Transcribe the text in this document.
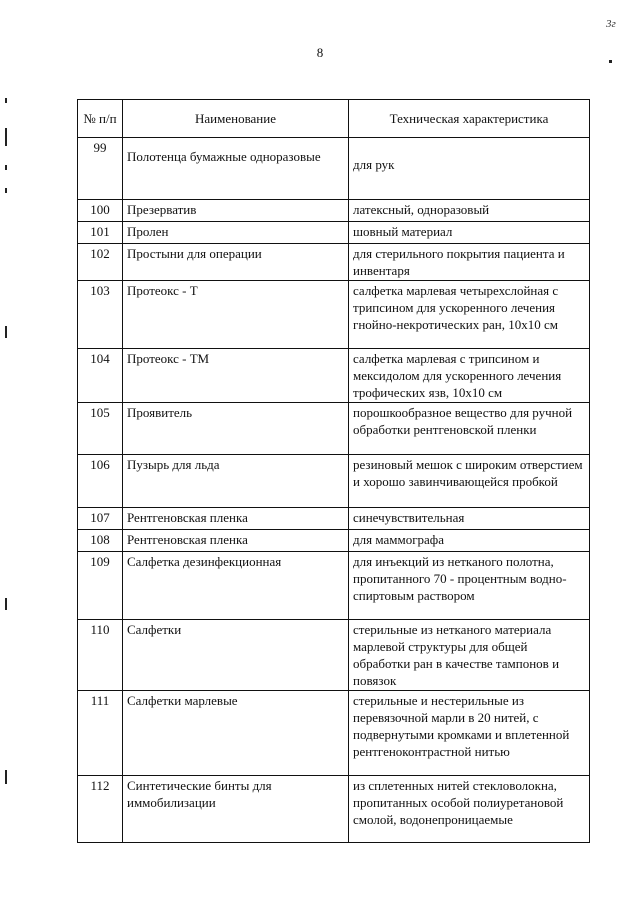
3г
8
№ п/п	Наименование	Техническая характеристика
99	Полотенца бумажные одноразовые	для рук
100	Презерватив	латексный, одноразовый
101	Пролен	шовный материал
102	Простыни для операции	для стерильного покрытия пациента и инвентаря
103	Протеокс - Т	салфетка марлевая четырехслойная с трипсином для ускоренного лечения гнойно-некротических ран, 10х10 см
104	Протеокс - ТМ	салфетка марлевая с трипсином и мексидолом для ускоренного лечения трофических язв, 10х10 см
105	Проявитель	порошкообразное вещество для ручной обработки рентгеновской пленки
106	Пузырь для льда	резиновый мешок с широким отверстием и хорошо завинчивающейся пробкой
107	Рентгеновская пленка	синечувствительная
108	Рентгеновская пленка	для маммографа
109	Салфетка дезинфекционная	для инъекций из нетканого полотна, пропитанного 70 - процентным водно-спиртовым раствором
110	Салфетки	стерильные из нетканого материала марлевой структуры для общей обработки ран в качестве тампонов и повязок
111	Салфетки марлевые	стерильные и нестерильные из перевязочной марли в 20 нитей, с подвернутыми кромками и вплетенной рентгеноконтрастной нитью
112	Синтетические бинты для иммобилизации	из сплетенных нитей стекловолокна, пропитанных особой полиуретановой смолой, водонепроницаемые
